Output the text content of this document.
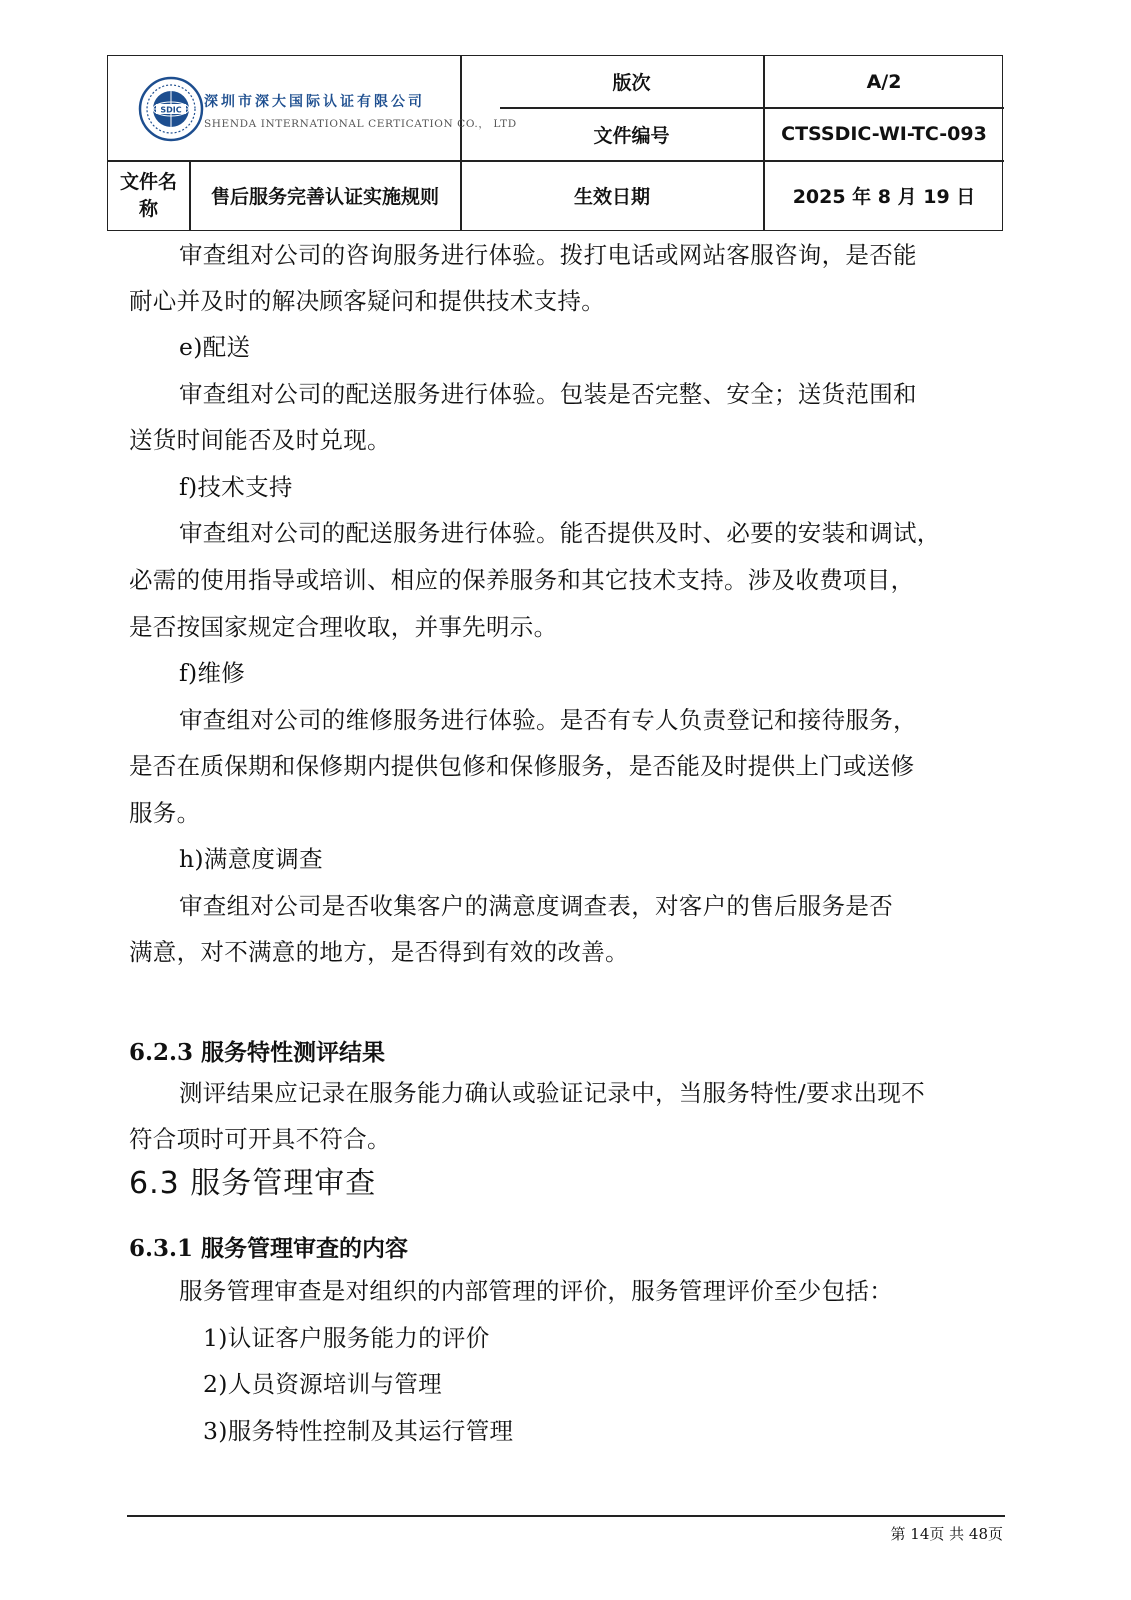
SDIC 深圳市深大国际认证有限公司
SHENDA INTERNATIONAL CERTICATION CO.， LTD
版次	A/2
文件编号	CTSSDIC-WI-TC-093
文件名
称
售后服务完善认证实施规则	生效日期	2025 年 8 月 19 日
审查组对公司的咨询服务进行体验。拨打电话或网站客服咨询，是否能
耐心并及时的解决顾客疑问和提供技术支持。
e)配送
审查组对公司的配送服务进行体验。包装是否完整、安全；送货范围和
送货时间能否及时兑现。
f)技术支持
审查组对公司的配送服务进行体验。能否提供及时、必要的安装和调试，
必需的使用指导或培训、相应的保养服务和其它技术支持。涉及收费项目，
是否按国家规定合理收取，并事先明示。
f)维修
审查组对公司的维修服务进行体验。是否有专人负责登记和接待服务，
是否在质保期和保修期内提供包修和保修服务，是否能及时提供上门或送修
服务。
h)满意度调查
审查组对公司是否收集客户的满意度调查表，对客户的售后服务是否
满意，对不满意的地方，是否得到有效的改善。
6.2.3 服务特性测评结果
测评结果应记录在服务能力确认或验证记录中，当服务特性/要求出现不
符合项时可开具不符合。
6.3 服务管理审查
6.3.1 服务管理审查的内容
服务管理审查是对组织的内部管理的评价，服务管理评价至少包括：
1)认证客户服务能力的评价
2)人员资源培训与管理
3)服务特性控制及其运行管理
第 14页 共 48页
